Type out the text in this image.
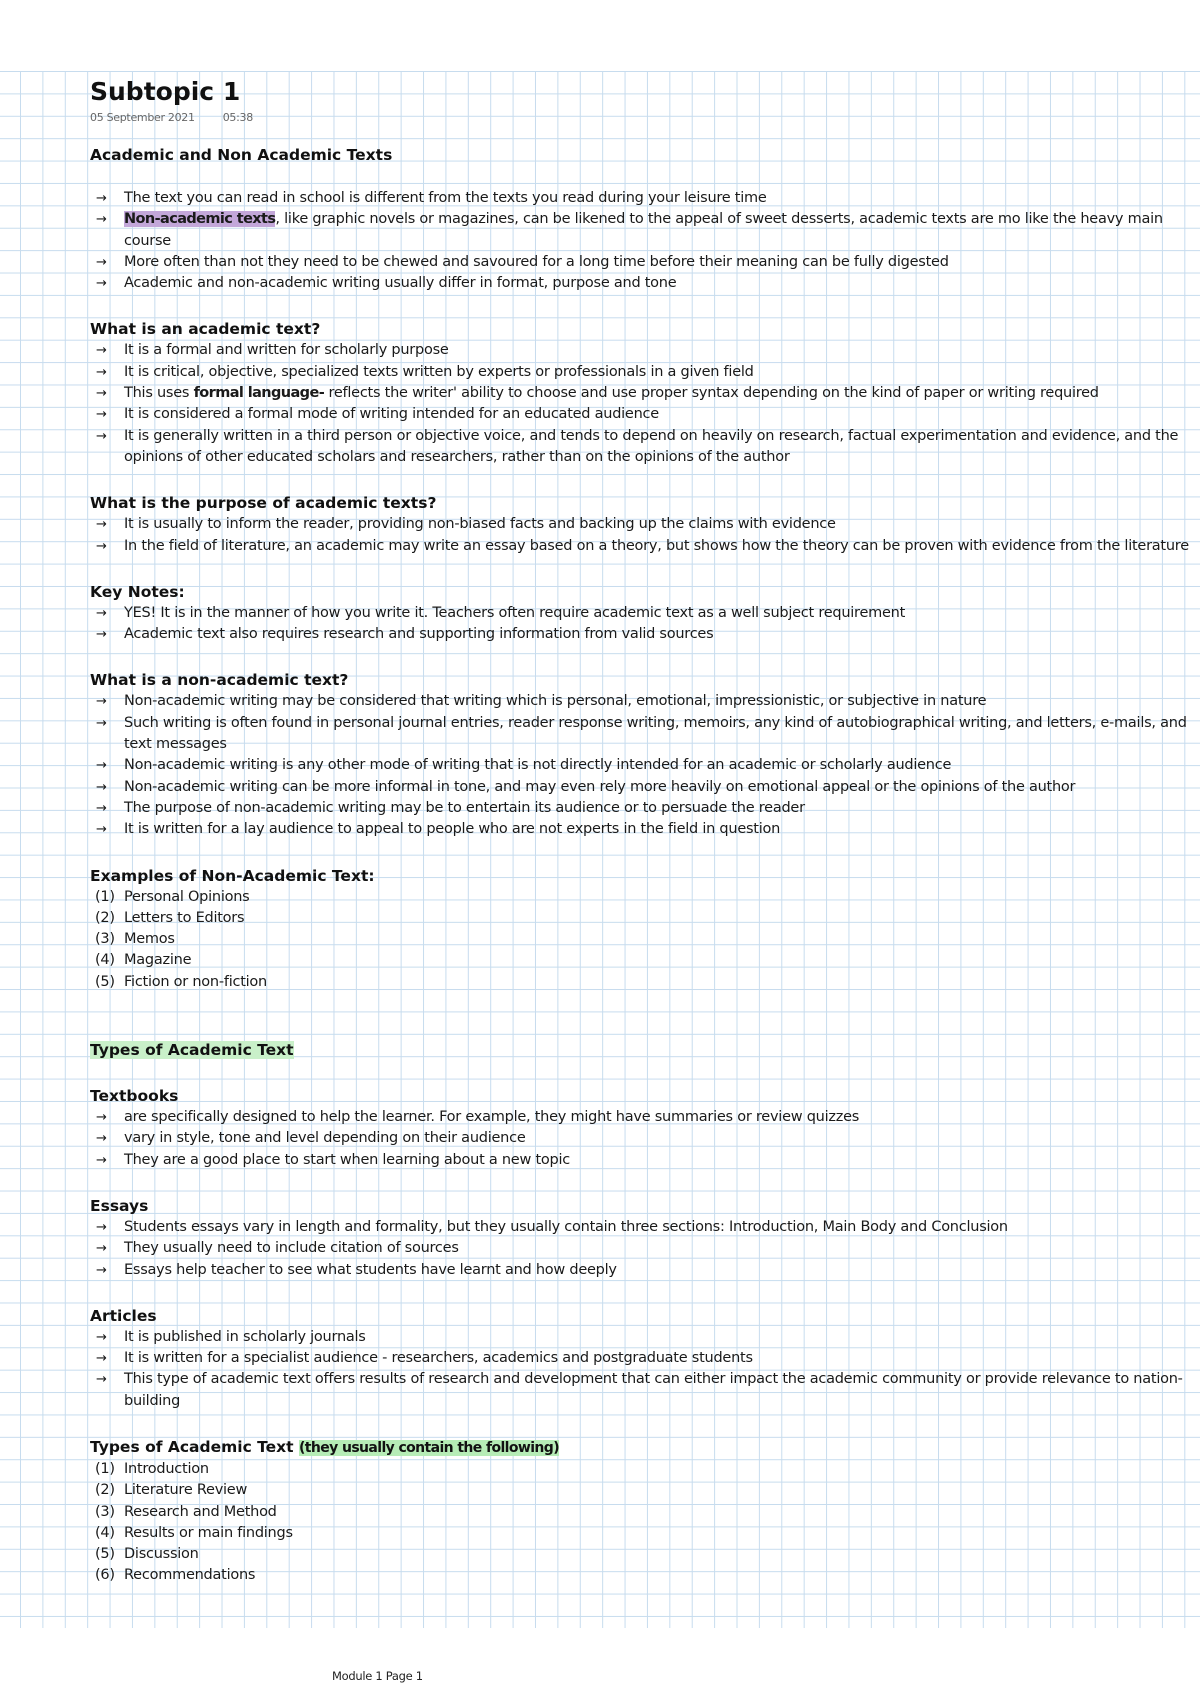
Subtopic 1
05 September 2021	05:38
Academic and Non Academic Texts
→ The text you can read in school is different from the texts you read during your leisure time
→ Non-academic texts, like graphic novels or magazines, can be likened to the appeal of sweet desserts, academic texts are mo like the heavy main course
→ More often than not they need to be chewed and savoured for a long time before their meaning can be fully digested
→ Academic and non-academic writing usually differ in format, purpose and tone
What is an academic text?
→ It is a formal and written for scholarly purpose
→ It is critical, objective, specialized texts written by experts or professionals in a given field
→ This uses formal language- reflects the writer' ability to choose and use proper syntax depending on the kind of paper or writing required
→ It is considered a formal mode of writing intended for an educated audience
→ It is generally written in a third person or objective voice, and tends to depend on heavily on research, factual experimentation and evidence, and the opinions of other educated scholars and researchers, rather than on the opinions of the author
What is the purpose of academic texts?
→ It is usually to inform the reader, providing non-biased facts and backing up the claims with evidence
→ In the field of literature, an academic may write an essay based on a theory, but shows how the theory can be proven with evidence from the literature
Key Notes:
→ YES! It is in the manner of how you write it. Teachers often require academic text as a well subject requirement
→ Academic text also requires research and supporting information from valid sources
What is a non-academic text?
→ Non-academic writing may be considered that writing which is personal, emotional, impressionistic, or subjective in nature
→ Such writing is often found in personal journal entries, reader response writing, memoirs, any kind of autobiographical writing, and letters, e-mails, and text messages
→ Non-academic writing is any other mode of writing that is not directly intended for an academic or scholarly audience
→ Non-academic writing can be more informal in tone, and may even rely more heavily on emotional appeal or the opinions of the author
→ The purpose of non-academic writing may be to entertain its audience or to persuade the reader
→ It is written for a lay audience to appeal to people who are not experts in the field in question
Examples of Non-Academic Text:
(1) Personal Opinions
(2) Letters to Editors
(3) Memos
(4) Magazine
(5) Fiction or non-fiction
Types of Academic Text
Textbooks
→ are specifically designed to help the learner. For example, they might have summaries or review quizzes
→ vary in style, tone and level depending on their audience
→ They are a good place to start when learning about a new topic
Essays
→ Students essays vary in length and formality, but they usually contain three sections: Introduction, Main Body and Conclusion
→ They usually need to include citation of sources
→ Essays help teacher to see what students have learnt and how deeply
Articles
→ It is published in scholarly journals
→ It is written for a specialist audience - researchers, academics and postgraduate students
→ This type of academic text offers results of research and development that can either impact the academic community or provide relevance to nation-building
Types of Academic Text (they usually contain the following)
(1) Introduction
(2) Literature Review
(3) Research and Method
(4) Results or main findings
(5) Discussion
(6) Recommendations
Module 1 Page 1
